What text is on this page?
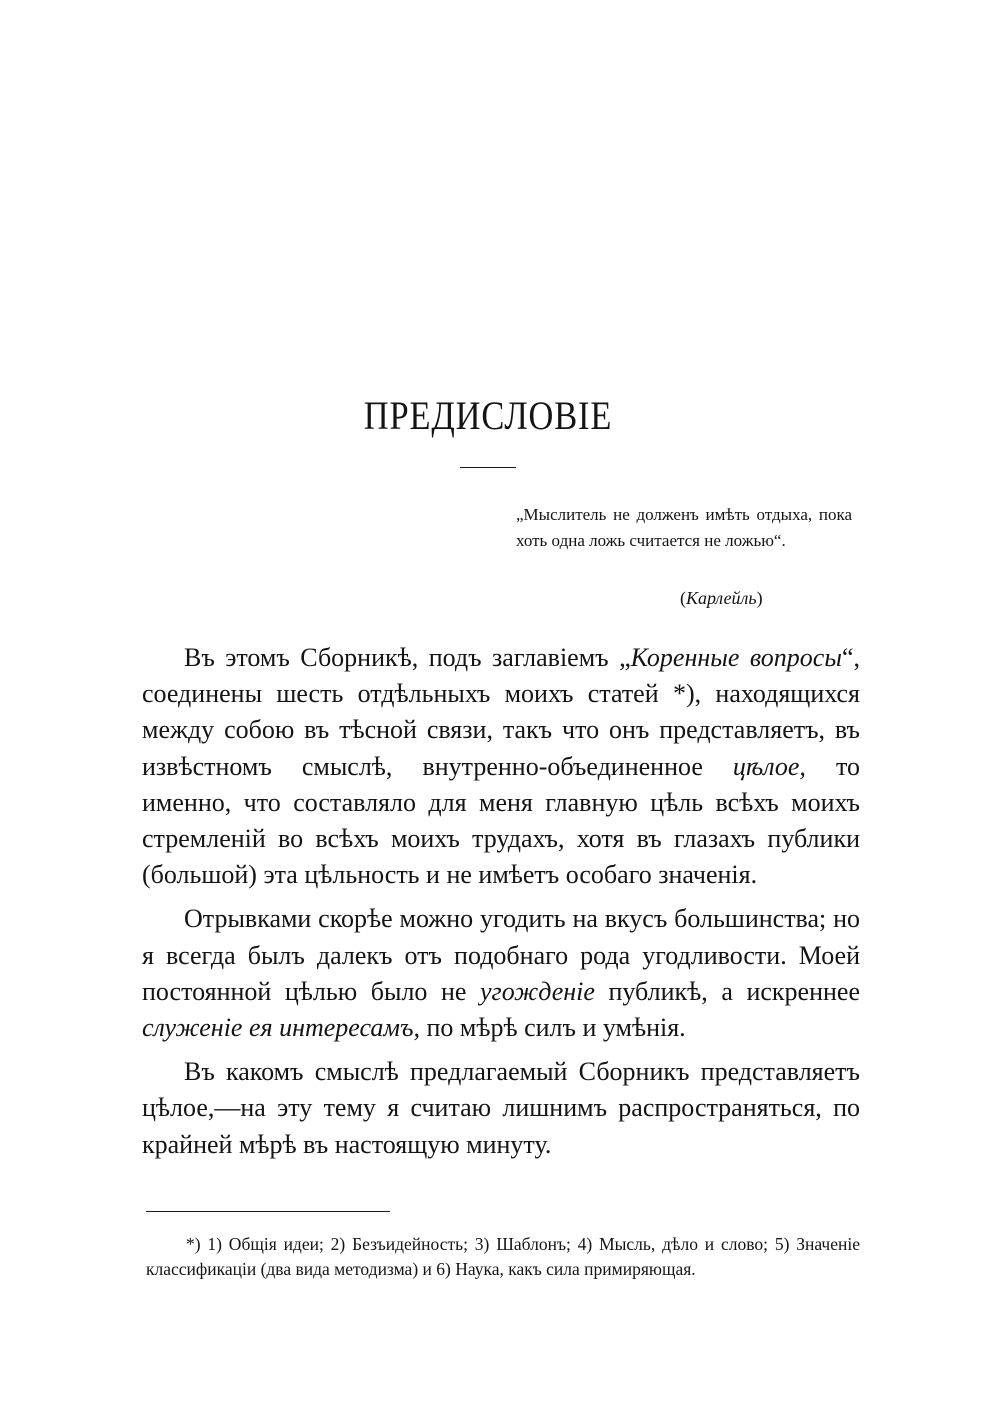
ПРЕДИСЛОВІЕ

„Мыслитель не долженъ имѣть отдыха, пока хоть одна ложь считается не ложью“.

(Карлейль)

Въ этомъ Сборникѣ, подъ заглавіемъ „Коренные вопросы“, соединены шесть отдѣльныхъ моихъ статей *), находящихся между собою въ тѣсной связи, такъ что онъ представляетъ, въ извѣстномъ смыслѣ, внутренно-объединенное цѣлое, то именно, что составляло для меня главную цѣль всѣхъ моихъ стремленій во всѣхъ моихъ трудахъ, хотя въ глазахъ публики (большой) эта цѣльность и не имѣетъ особаго значенія.

Отрывками скорѣе можно угодить на вкусъ большинства; но я всегда былъ далекъ отъ подобнаго рода угодливости. Моей постоянной цѣлью было не угожденіе публикѣ, а искреннее служеніе ея интересамъ, по мѣрѣ силъ и умѣнія.

Въ какомъ смыслѣ предлагаемый Сборникъ представляетъ цѣлое,—на эту тему я считаю лишнимъ распространяться, по крайней мѣрѣ въ настоящую минуту.

*) 1) Общія идеи; 2) Безъидейность; 3) Шаблонъ; 4) Мысль, дѣло и слово; 5) Значеніе классификаціи (два вида методизма) и 6) Наука, какъ сила примиряющая.
